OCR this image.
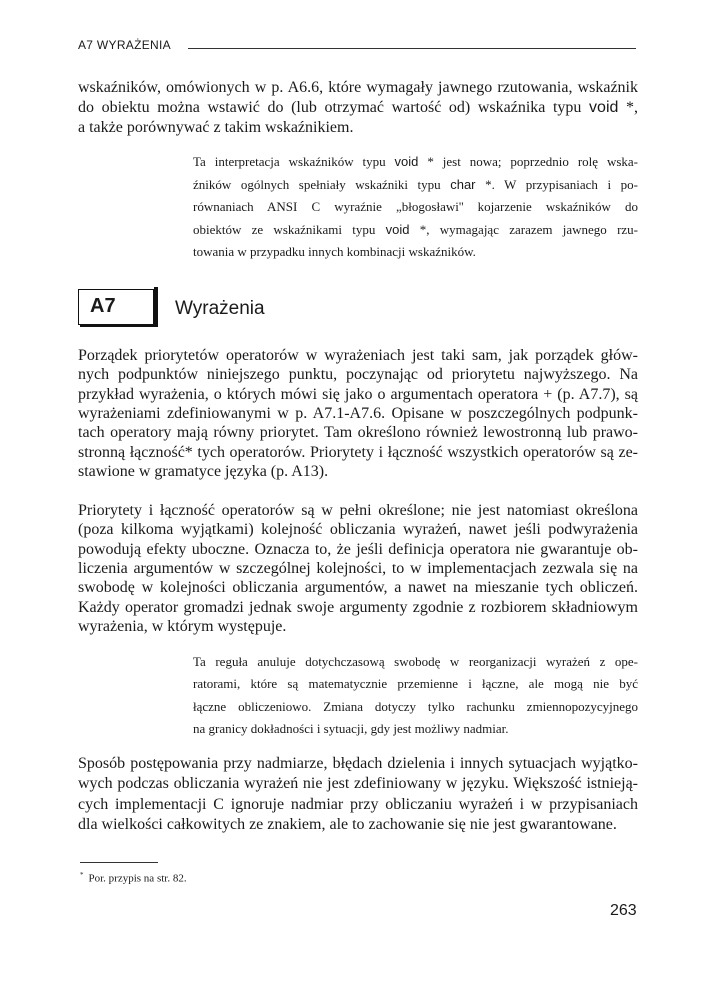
A7 WYRAŻENIA
A7	Wyrażenia
wskaźników, omówionych w p. A6.6, które wymagały jawnego rzutowania, wskaźnik
do obiektu można wstawić do (lub otrzymać wartość od) wskaźnika typu void *,
a także porównywać z takim wskaźnikiem.
Ta interpretacja wskaźników typu void * jest nowa; poprzednio rolę wska-
źników ogólnych spełniały wskaźniki typu char *. W przypisaniach i po-
równaniach ANSI C wyraźnie „błogosławi'' kojarzenie wskaźników do
obiektów ze wskaźnikami typu void *, wymagając zarazem jawnego rzu-
towania w przypadku innych kombinacji wskaźników.
Porządek priorytetów operatorów w wyrażeniach jest taki sam, jak porządek głów-
nych podpunktów niniejszego punktu, poczynając od priorytetu najwyższego. Na
przykład wyrażenia, o których mówi się jako o argumentach operatora + (p. A7.7), są
wyrażeniami zdefiniowanymi w p. A7.1-A7.6. Opisane w poszczególnych podpunk-
tach operatory mają równy priorytet. Tam określono również lewostronną lub prawo-
stronną łączność* tych operatorów. Priorytety i łączność wszystkich operatorów są ze-
stawione w gramatyce języka (p. A13).
Priorytety i łączność operatorów są w pełni określone; nie jest natomiast określona
(poza kilkoma wyjątkami) kolejność obliczania wyrażeń, nawet jeśli podwyrażenia
powodują efekty uboczne. Oznacza to, że jeśli definicja operatora nie gwarantuje ob-
liczenia argumentów w szczególnej kolejności, to w implementacjach zezwala się na
swobodę w kolejności obliczania argumentów, a nawet na mieszanie tych obliczeń.
Każdy operator gromadzi jednak swoje argumenty zgodnie z rozbiorem składniowym
wyrażenia, w którym występuje.
Ta reguła anuluje dotychczasową swobodę w reorganizacji wyrażeń z ope-
ratorami, które są matematycznie przemienne i łączne, ale mogą nie być
łączne obliczeniowo. Zmiana dotyczy tylko rachunku zmiennopozycyjnego
na granicy dokładności i sytuacji, gdy jest możliwy nadmiar.
Sposób postępowania przy nadmiarze, błędach dzielenia i innych sytuacjach wyjątko-
wych podczas obliczania wyrażeń nie jest zdefiniowany w języku. Większość istnieją-
cych implementacji C ignoruje nadmiar przy obliczaniu wyrażeń i w przypisaniach
dla wielkości całkowitych ze znakiem, ale to zachowanie się nie jest gwarantowane.
* Por. przypis na str. 82.
263
